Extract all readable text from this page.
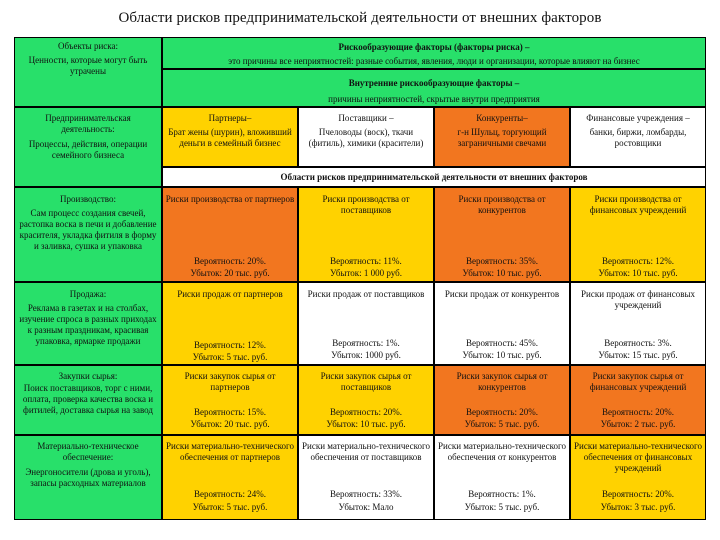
Области рисков предпринимательской деятельности от внешних факторов
Объекты риска:
Ценности, которые могут быть утрачены
Рискообразующие факторы (факторы риска) –
это причины все неприятностей: разные события, явления, люди и организации, которые влияют на бизнес
Внутренние рискообразующие факторы –
причины неприятностей, скрытые внутри предприятия
Предпринимательская деятельность:
Процессы, действия, операции семейного бизнеса
Партнеры–
Брат жены (шурин), вложивший деньги в семейный бизнес
Поставщики –
Пчеловоды (воск), ткачи (фитиль), химики (красители)
Конкуренты–
г-н Шульц, торгующий заграничными свечами
Финансовые учреждения –
банки, биржи, ломбарды, ростовщики
Области рисков предпринимательской деятельности от внешних факторов
Производство:
Сам процесс создания свечей, растопка воска в печи и добавление красителя, укладка фитиля в форму и заливка, сушка и упаковка
Риски производства от партнеров
Вероятность: 20%.
Убыток: 20 тыс. руб.
Риски производства от поставщиков
Вероятность: 11%.
Убыток: 1 000 руб.
Риски производства от конкурентов
Вероятность: 35%.
Убыток: 10 тыс. руб.
Риски производства от финансовых учреждений
Вероятность: 12%.
Убыток: 10 тыс. руб.
Продажа:
Реклама в газетах и на столбах, изучение спроса в разных приходах к разным праздникам, красивая упаковка, ярмарке продажи
Риски продаж от партнеров
Вероятность: 12%.
Убыток: 5 тыс. руб.
Риски продаж от поставщиков
Вероятность: 1%.
Убыток: 1000 руб.
Риски продаж от конкурентов
Вероятность: 45%.
Убыток: 10 тыс. руб.
Риски продаж от финансовых учреждений
Вероятность: 3%.
Убыток: 15 тыс. руб.
Закупки сырья:
Поиск поставщиков, торг с ними, оплата, проверка качества воска и фитилей, доставка сырья на завод
Риски закупок сырья от партнеров
Вероятность: 15%.
Убыток: 20 тыс. руб.
Риски закупок сырья от поставщиков
Вероятность: 20%.
Убыток: 10 тыс. руб.
Риски закупок сырья от конкурентов
Вероятность: 20%.
Убыток: 5 тыс. руб.
Риски закупок сырья от финансовых учреждений
Вероятность: 20%.
Убыток: 2 тыс. руб.
Материально-техническое обеспечение:
Энергоносители (дрова и уголь), запасы расходных материалов
Риски материально-технического обеспечения от партнеров
Вероятность: 24%.
Убыток: 5 тыс. руб.
Риски материально-технического обеспечения от поставщиков
Вероятность: 33%.
Убыток: Мало
Риски материально-технического обеспечения от конкурентов
Вероятность: 1%.
Убыток: 5 тыс. руб.
Риски материально-технического обеспечения от финансовых учреждений
Вероятность: 20%.
Убыток: 3 тыс. руб.
